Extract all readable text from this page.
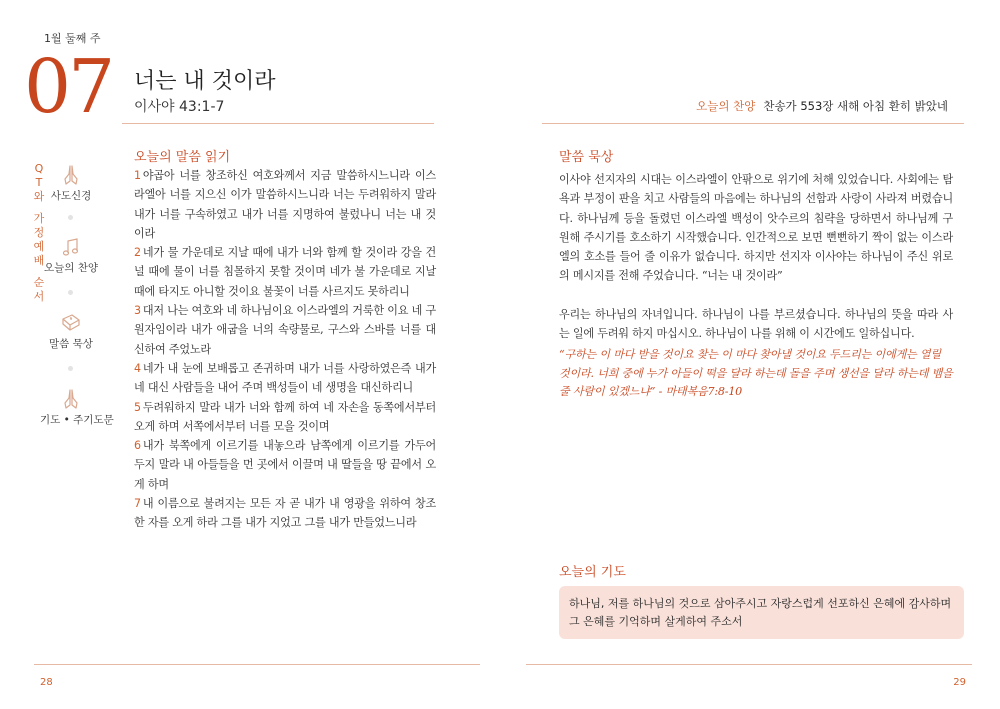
1월 둘째 주
07 너는 내 것이라
이사야 43:1-7	오늘의 찬양 찬송가 553장 새해 아침 환히 밝았네
Q
T
와
가
정
예
배
순
서
사도신경
오늘의 찬양
말씀 묵상
기도 • 주기도문
오늘의 말씀 읽기
1 야곱아 너를 창조하신 여호와께서 지금 말씀하시느니라 이스라엘아 너를 지으신 이가 말씀하시느니라 너는 두려워하지 말라 내가 너를 구속하였고 내가 너를 지명하여 불렀나니 너는 내 것이라
2 네가 물 가운데로 지날 때에 내가 너와 함께 할 것이라 강을 건널 때에 물이 너를 침몰하지 못할 것이며 네가 불 가운데로 지날 때에 타지도 아니할 것이요 불꽃이 너를 사르지도 못하리니
3 대저 나는 여호와 네 하나님이요 이스라엘의 거룩한 이요 네 구원자임이라 내가 애굽을 너의 속량물로, 구스와 스바를 너를 대신하여 주었노라
4 네가 내 눈에 보배롭고 존귀하며 내가 너를 사랑하였은즉 내가 네 대신 사람들을 내어 주며 백성들이 네 생명을 대신하리니
5 두려워하지 말라 내가 너와 함께 하여 네 자손을 동쪽에서부터 오게 하며 서쪽에서부터 너를 모을 것이며
6 내가 북쪽에게 이르기를 내놓으라 남쪽에게 이르기를 가두어 두지 말라 내 아들들을 먼 곳에서 이끌며 내 딸들을 땅 끝에서 오게 하며
7 내 이름으로 불려지는 모든 자 곧 내가 내 영광을 위하여 창조한 자를 오게 하라 그를 내가 지었고 그를 내가 만들었느니라
말씀 묵상

이사야 선지자의 시대는 이스라엘이 안팎으로 위기에 처해 있었습니다. 사회에는 탐욕과 부정이 판을 치고 사람들의 마음에는 하나님의 선함과 사랑이 사라져 버렸습니다. 하나님께 등을 돌렸던 이스라엘 백성이 앗수르의 침략을 당하면서 하나님께 구원해 주시기를 호소하기 시작했습니다. 인간적으로 보면 뻔뻔하기 짝이 없는 이스라엘의 호소를 들어 줄 이유가 없습니다. 하지만 선지자 이사야는 하나님이 주신 위로의 메시지를 전해 주었습니다. “너는 내 것이라”

우리는 하나님의 자녀입니다. 하나님이 나를 부르셨습니다. 하나님의 뜻을 따라 사는 일에 두려워 하지 마십시오. 하나님이 나를 위해 이 시간에도 일하십니다.

“구하는 이 마다 받을 것이요 찾는 이 마다 찾아낼 것이요 두드리는 이에게는 열릴 것이라. 너희 중에 누가 아들이 떡을 달라 하는데 돌을 주며 생선을 달라 하는데 뱀을 줄 사람이 있겠느냐” - 마태복음7:8-10
오늘의 기도
하나님, 저를 하나님의 것으로 삼아주시고 자랑스럽게 선포하신 은혜에 감사하며
그 은혜를 기억하며 살게하여 주소서
28	29
